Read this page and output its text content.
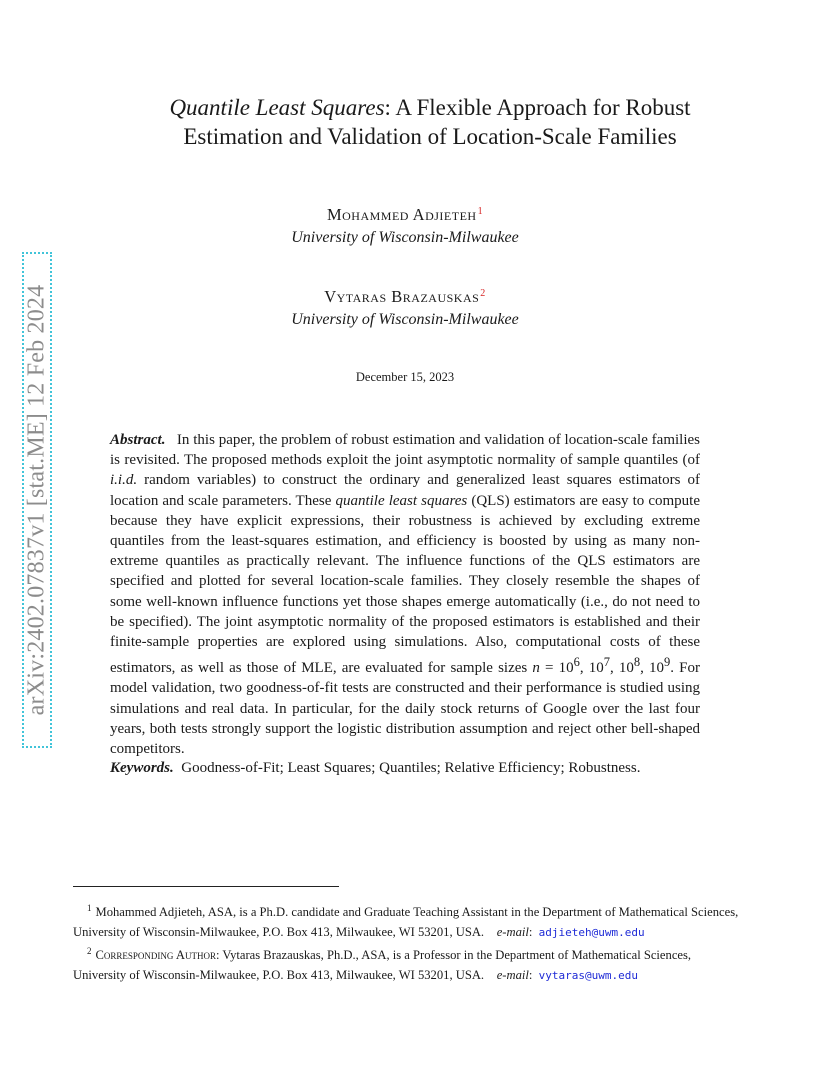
arXiv:2402.07837v1 [stat.ME] 12 Feb 2024
Quantile Least Squares: A Flexible Approach for Robust
Estimation and Validation of Location-Scale Families
Mohammed Adjieteh$^1$
University of Wisconsin-Milwaukee
Vytaras Brazauskas$^2$
University of Wisconsin-Milwaukee
December 15, 2023
Abstract. In this paper, the problem of robust estimation and validation of location-scale families is revisited. The proposed methods exploit the joint asymptotic normality of sample quantiles (of i.i.d. random variables) to construct the ordinary and generalized least squares estimators of location and scale parameters. These quantile least squares (QLS) estimators are easy to compute because they have explicit expressions, their robustness is achieved by excluding extreme quantiles from the least-squares estimation, and efficiency is boosted by using as many non-extreme quantiles as practically relevant. The influence functions of the QLS estimators are specified and plotted for several location-scale families. They closely resemble the shapes of some well-known influence functions yet those shapes emerge automatically (i.e., do not need to be specified). The joint asymptotic normality of the proposed estimators is established and their finite-sample properties are explored using simulations. Also, computational costs of these estimators, as well as those of MLE, are evaluated for sample sizes $n = 10^6$, $10^7$, $10^8$, $10^9$. For model validation, two goodness-of-fit tests are constructed and their performance is studied using simulations and real data. In particular, for the daily stock returns of Google over the last four years, both tests strongly support the logistic distribution assumption and reject other bell-shaped competitors.
Keywords. Goodness-of-Fit; Least Squares; Quantiles; Relative Efficiency; Robustness.
$^1$ Mohammed Adjieteh, ASA, is a Ph.D. candidate and Graduate Teaching Assistant in the Department of Mathematical Sciences, University of Wisconsin-Milwaukee, P.O. Box 413, Milwaukee, WI 53201, USA. e-mail:  adjieteh@uwm.edu
$^2$ Corresponding Author: Vytaras Brazauskas, Ph.D., ASA, is a Professor in the Department of Mathematical Sciences, University of Wisconsin-Milwaukee, P.O. Box 413, Milwaukee, WI 53201, USA. e-mail:  vytaras@uwm.edu
